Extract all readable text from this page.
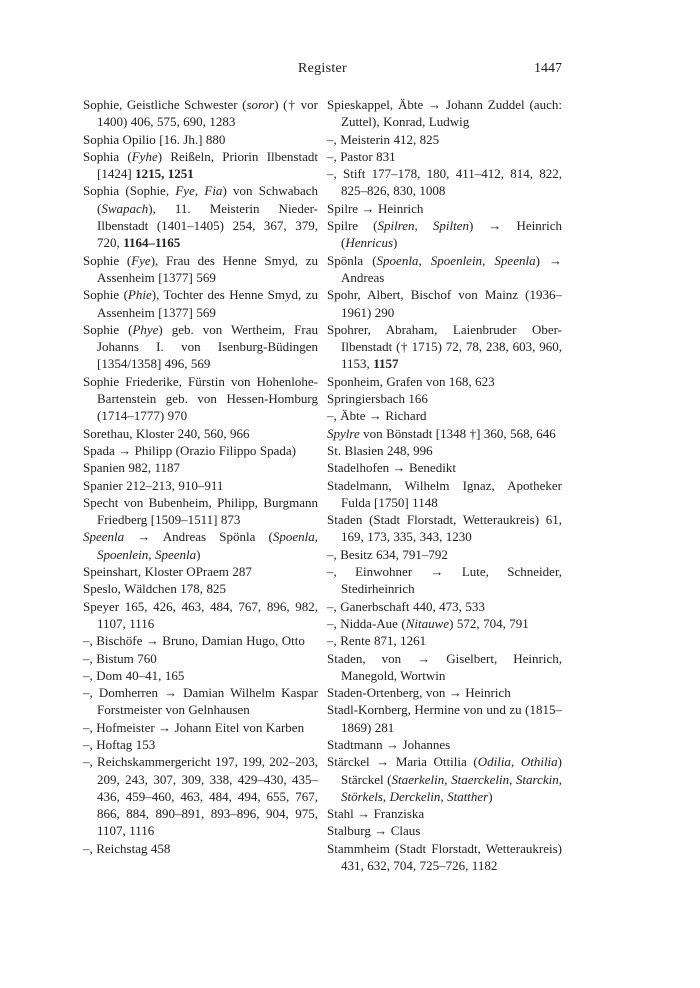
Register	1447

Sophie, Geistliche Schwester (soror) († vor 1400) 406, 575, 690, 1283

Sophia Opilio [16. Jh.] 880

Sophia (Fyhe) Reißeln, Priorin Ilbenstadt [1424] 1215, 1251

Sophia (Sophie, Fye, Fia) von Schwabach (Swapach), 11. Meisterin Nieder-Ilbenstadt (1401–1405) 254, 367, 379, 720, 1164–1165

Sophie (Fye), Frau des Henne Smyd, zu Assenheim [1377] 569

Sophie (Phie), Tochter des Henne Smyd, zu Assenheim [1377] 569

Sophie (Phye) geb. von Wertheim, Frau Johanns I. von Isenburg-Büdingen [1354/1358] 496, 569

Sophie Friederike, Fürstin von Hohenlohe-Bartenstein geb. von Hessen-Homburg (1714–1777) 970

Sorethau, Kloster 240, 560, 966

Spada → Philipp (Orazio Filippo Spada)

Spanien 982, 1187

Spanier 212–213, 910–911

Specht von Bubenheim, Philipp, Burgmann Friedberg [1509–1511] 873

Speenla → Andreas Spönla (Spoenla, Spoenlein, Speenla)

Speinshart, Kloster OPraem 287

Speslo, Wäldchen 178, 825

Speyer 165, 426, 463, 484, 767, 896, 982, 1107, 1116

–, Bischöfe → Bruno, Damian Hugo, Otto

–, Bistum 760

–, Dom 40–41, 165

–, Domherren → Damian Wilhelm Kaspar Forstmeister von Gelnhausen

–, Hofmeister → Johann Eitel von Karben

–, Hoftag 153

–, Reichskammergericht 197, 199, 202–203, 209, 243, 307, 309, 338, 429–430, 435–436, 459–460, 463, 484, 494, 655, 767, 866, 884, 890–891, 893–896, 904, 975, 1107, 1116

–, Reichstag 458

Spieskappel, Äbte → Johann Zuddel (auch: Zuttel), Konrad, Ludwig

–, Meisterin 412, 825

–, Pastor 831

–, Stift 177–178, 180, 411–412, 814, 822, 825–826, 830, 1008

Spilre → Heinrich

Spilre (Spilren, Spilten) → Heinrich (Henricus)

Spönla (Spoenla, Spoenlein, Speenla) → Andreas

Spohr, Albert, Bischof von Mainz (1936–1961) 290

Spohrer, Abraham, Laienbruder Ober-Ilbenstadt († 1715) 72, 78, 238, 603, 960, 1153, 1157

Sponheim, Grafen von 168, 623

Springiersbach 166

–, Äbte → Richard

Spylre von Bönstadt [1348 †] 360, 568, 646

St. Blasien 248, 996

Stadelhofen → Benedikt

Stadelmann, Wilhelm Ignaz, Apotheker Fulda [1750] 1148

Staden (Stadt Florstadt, Wetteraukreis) 61, 169, 173, 335, 343, 1230

–, Besitz 634, 791–792

–, Einwohner → Lute, Schneider, Stedirheinrich

–, Ganerbschaft 440, 473, 533

–, Nidda-Aue (Nitauwe) 572, 704, 791

–, Rente 871, 1261

Staden, von → Giselbert, Heinrich, Manegold, Wortwin

Staden-Ortenberg, von → Heinrich

Stadl-Kornberg, Hermine von und zu (1815–1869) 281

Stadtmann → Johannes

Stärckel → Maria Ottilia (Odilia, Othilia) Stärckel (Staerkelin, Staerckelin, Starckin, Störkels, Derckelin, Statther)

Stahl → Franziska

Stalburg → Claus

Stammheim (Stadt Florstadt, Wetteraukreis) 431, 632, 704, 725–726, 1182
